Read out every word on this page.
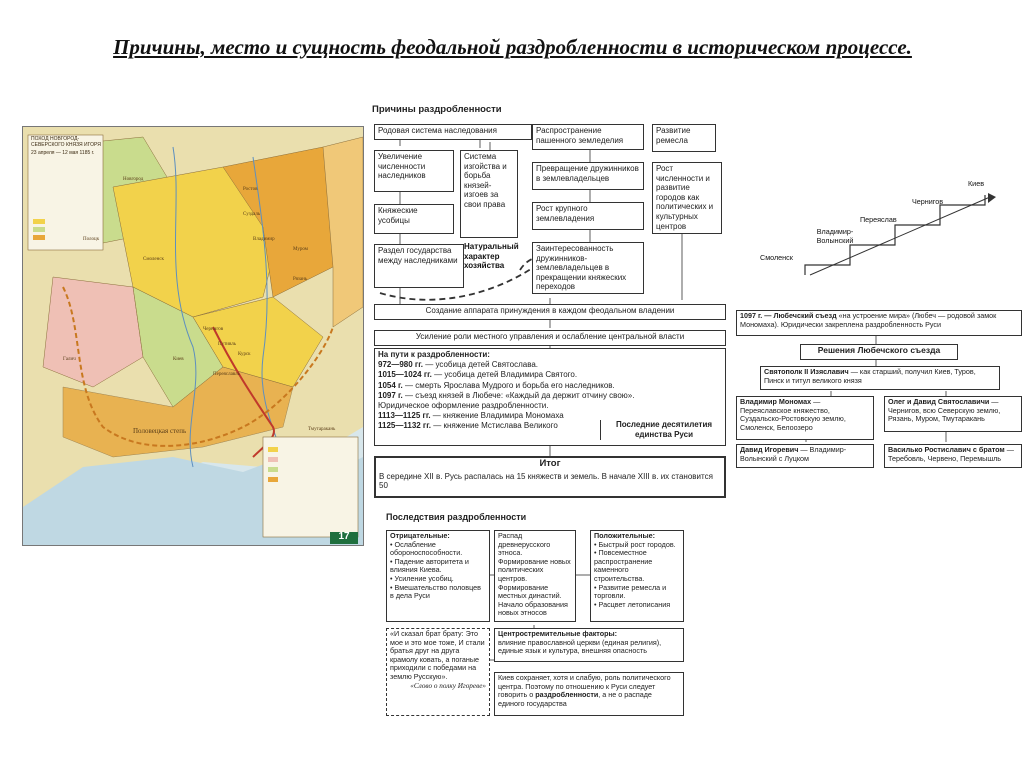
Причины, место и сущность феодальной раздробленности в историческом процессе.
ПОХОД НОВГОРОД-СЕВЕРСКОГО КНЯЗЯ ИГОРЯ
23 апреля — 12 мая 1185 г.
17
Новгород
Смоленск
Полоцк
Чернигов
Киев
Владимир
Рязань
Муром
Галич
Переяславль
Курск
Путивль
Ростов
Суздаль
Тмутаракань
Половецкая степь
Причины раздробленности
Родовая система наследования
Увеличение численности наследников
Система изгойства и борьба князей-изгоев за свои права
Княжеские усобицы
Раздел государства между наследниками
Натуральный характер хозяйства
Распространение пашенного земледелия
Превращение дружинников в землевладельцев
Рост крупного землевладения
Заинтересованность дружинников-землевладельцев в прекращении княжеских переходов
Развитие ремесла
Рост численности и развитие городов как политических и культурных центров
Создание аппарата принуждения в каждом феодальном владении
Усиление роли местного управления и ослабление центральной власти
На пути к раздробленности:
972—980 гг. — усобица детей Святослава.
1015—1024 гг. — усобица детей Владимира Святого.
1054 г. — смерть Ярослава Мудрого и борьба его наследников.
1097 г. — съезд князей в Любече: «Каждый да держит отчину свою».
Юридическое оформление раздробленности.
1113—1125 гг. — княжение Владимира Мономаха
1125—1132 гг. — княжение Мстислава Великого	Последние десятилетия единства Руси
Итог
В середине XII в. Русь распалась на 15 княжеств и земель. В начале XIII в. их становится 50
Смоленск
Владимир-Волынский
Переяслав
Чернигов
Киев
1097 г. — Любечский съезд «на устроение мира» (Любеч — родовой замок Мономаха). Юридически закреплена раздробленность Руси
Решения Любечского съезда
Святополк II Изяславич — как старший, получил Киев, Туров, Пинск и титул великого князя
Владимир Мономах — Переяславское княжество, Суздальско-Ростовскую землю, Смоленск, Белоозеро
Олег и Давид Святославичи — Чернигов, всю Северскую землю, Рязань, Муром, Тмутаракань
Давид Игоревич — Владимир-Волынский с Луцком
Василько Ростиславич с братом — Теребовль, Червено, Перемышль
Последствия раздробленности
Отрицательные:
• Ослабление обороноспособности.
• Падение авторитета и влияния Киева.
• Усиление усобиц.
• Вмешательство половцев в дела Руси
Распад древнерусского этноса. Формирование новых политических центров. Формирование местных династий. Начало образования новых этносов
Положительные:
• Быстрый рост городов.
• Повсеместное распространение каменного строительства.
• Развитие ремесла и торговли.
• Расцвет летописания
«И сказал брат брату: Это мое и это мое тоже, И стали братья друг на друга крамолу ковать, а поганые приходили с победами на землю Русскую».
«Слово о полку Игореве»
Центростремительные факторы:
влияние православной церкви (единая религия), единые язык и культура, внешняя опасность
Киев сохраняет, хотя и слабую, роль политического центра. Поэтому по отношению к Руси следует говорить о раздробленности, а не о распаде единого государства
